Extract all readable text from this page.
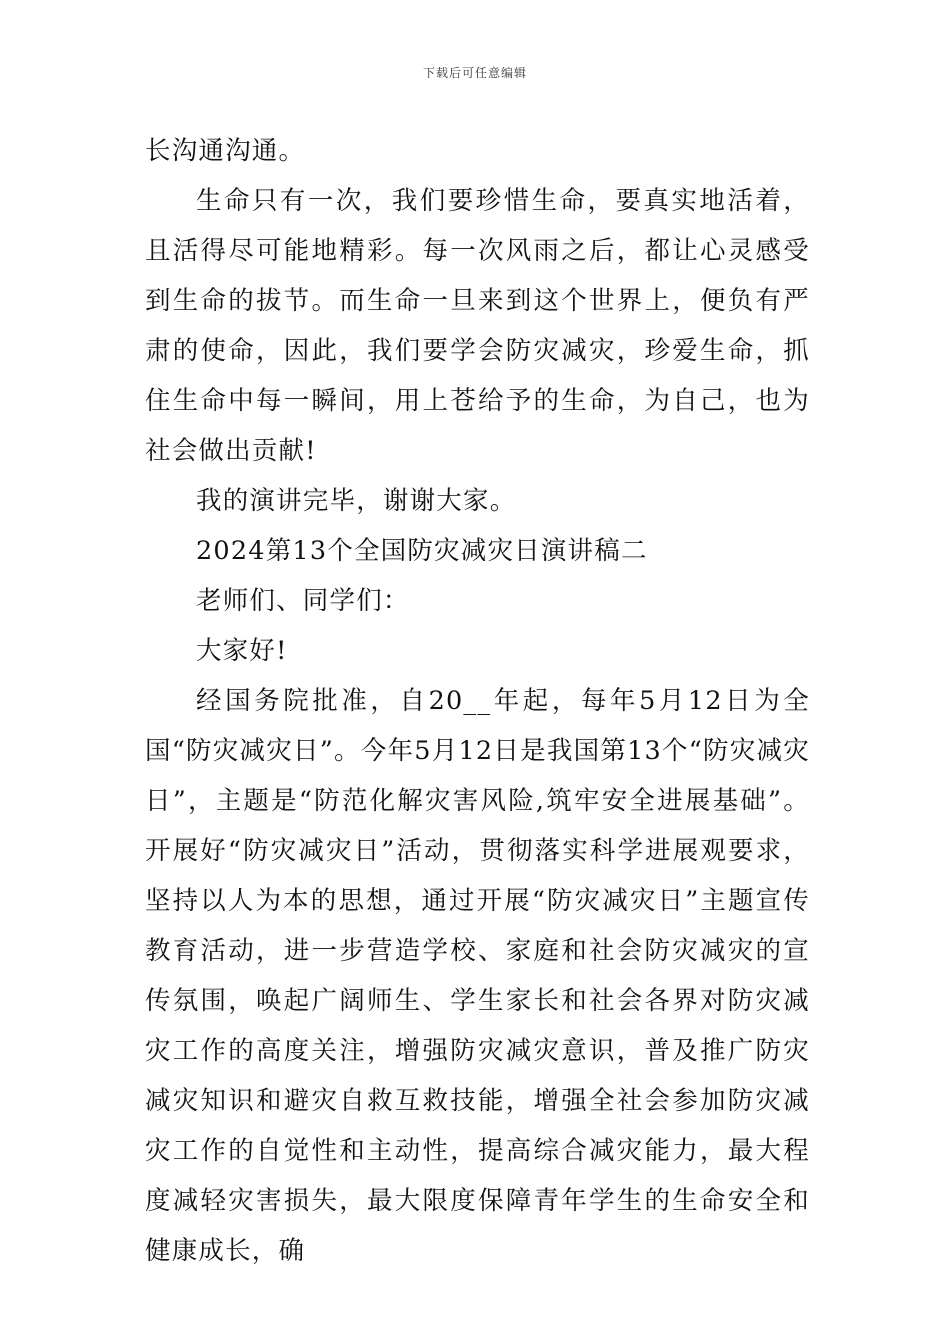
下载后可任意编辑

长沟通沟通。

生命只有一次，我们要珍惜生命，要真实地活着，且活得尽可能地精彩。每一次风雨之后，都让心灵感受到生命的拔节。而生命一旦来到这个世界上，便负有严肃的使命，因此，我们要学会防灾减灾，珍爱生命，抓住生命中每一瞬间，用上苍给予的生命，为自己，也为社会做出贡献!

我的演讲完毕，谢谢大家。

2024第13个全国防灾减灾日演讲稿二

老师们、同学们：

大家好!

经国务院批准，自20__年起，每年5月12日为全国“防灾减灾日”。今年5月12日是我国第13个“防灾减灾日”，主题是“防范化解灾害风险,筑牢安全进展基础”。开展好“防灾减灾日”活动，贯彻落实科学进展观要求，坚持以人为本的思想，通过开展“防灾减灾日”主题宣传教育活动，进一步营造学校、家庭和社会防灾减灾的宣传氛围，唤起广阔师生、学生家长和社会各界对防灾减灾工作的高度关注，增强防灾减灾意识，普及推广防灾减灾知识和避灾自救互救技能，增强全社会参加防灾减灾工作的自觉性和主动性，提高综合减灾能力，最大程度减轻灾害损失，最大限度保障青年学生的生命安全和健康成长，确
